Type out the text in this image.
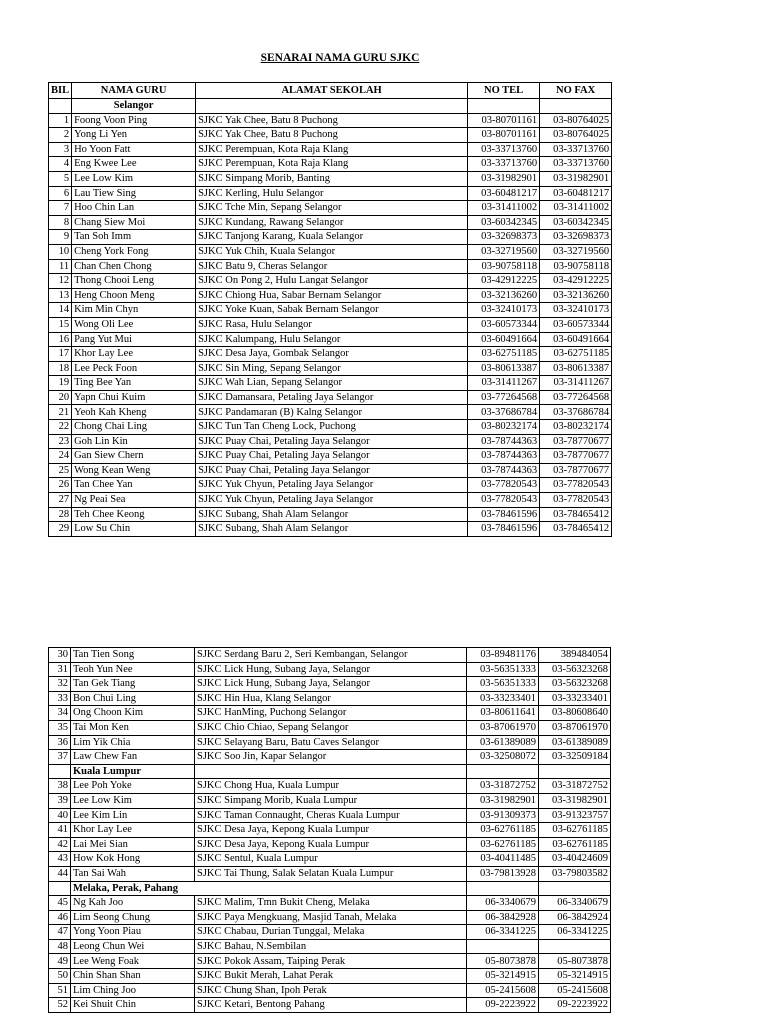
SENARAI NAMA GURU SJKC
BIL	NAMA GURU	ALAMAT SEKOLAH	NO TEL	NO FAX
	Selangor			
1	Foong Voon Ping	SJKC Yak Chee, Batu 8 Puchong	03-80701161	03-80764025
2	Yong Li Yen	SJKC Yak Chee, Batu 8 Puchong	03-80701161	03-80764025
3	Ho Yoon Fatt	SJKC Perempuan, Kota Raja Klang	03-33713760	03-33713760
4	Eng Kwee Lee	SJKC Perempuan, Kota Raja Klang	03-33713760	03-33713760
5	Lee Low Kim	SJKC Simpang Morib, Banting	03-31982901	03-31982901
6	Lau Tiew Sing	SJKC Kerling, Hulu Selangor	03-60481217	03-60481217
7	Hoo Chin Lan	SJKC Tche Min, Sepang Selangor	03-31411002	03-31411002
8	Chang Siew Moi	SJKC Kundang, Rawang Selangor	03-60342345	03-60342345
9	Tan Soh Imm	SJKC Tanjong Karang, Kuala Selangor	03-32698373	03-32698373
10	Cheng York Fong	SJKC Yuk Chih, Kuala Selangor	03-32719560	03-32719560
11	Chan Chen Chong	SJKC Batu 9, Cheras Selangor	03-90758118	03-90758118
12	Thong Chooi Leng	SJKC On Pong 2, Hulu Langat Selangor	03-42912225	03-42912225
13	Heng Choon Meng	SJKC Chiong Hua, Sabar Bernam Selangor	03-32136260	03-32136260
14	Kim Min Chyn	SJKC Yoke Kuan, Sabak Bernam Selangor	03-32410173	03-32410173
15	Wong Oli Lee	SJKC Rasa, Hulu Selangor	03-60573344	03-60573344
16	Pang Yut Mui	SJKC Kalumpang, Hulu Selangor	03-60491664	03-60491664
17	Khor Lay Lee	SJKC Desa Jaya, Gombak Selangor	03-62751185	03-62751185
18	Lee Peck Foon	SJKC Sin Ming, Sepang Selangor	03-80613387	03-80613387
19	Ting Bee Yan	SJKC Wah Lian, Sepang Selangor	03-31411267	03-31411267
20	Yapn Chui Kuim	SJKC Damansara, Petaling Jaya Selangor	03-77264568	03-77264568
21	Yeoh Kah Kheng	SJKC Pandamaran (B) Kalng Selangor	03-37686784	03-37686784
22	Chong Chai Ling	SJKC Tun Tan Cheng Lock, Puchong	03-80232174	03-80232174
23	Goh Lin Kin	SJKC Puay Chai, Petaling Jaya Selangor	03-78744363	03-78770677
24	Gan Siew Chern	SJKC Puay Chai, Petaling Jaya Selangor	03-78744363	03-78770677
25	Wong Kean Weng	SJKC Puay Chai, Petaling Jaya Selangor	03-78744363	03-78770677
26	Tan Chee Yan	SJKC Yuk Chyun, Petaling Jaya Selangor	03-77820543	03-77820543
27	Ng Peai Sea	SJKC Yuk Chyun, Petaling Jaya Selangor	03-77820543	03-77820543
28	Teh Chee Keong	SJKC Subang, Shah Alam Selangor	03-78461596	03-78465412
29	Low Su Chin	SJKC Subang, Shah Alam Selangor	03-78461596	03-78465412
30	Tan Tien Song	SJKC Serdang Baru 2, Seri Kembangan, Selangor	03-89481176	389484054
31	Teoh Yun Nee	SJKC Lick Hung, Subang Jaya, Selangor	03-56351333	03-56323268
32	Tan Gek Tiang	SJKC Lick Hung, Subang Jaya, Selangor	03-56351333	03-56323268
33	Bon Chui Ling	SJKC Hin Hua, Klang Selangor	03-33233401	03-33233401
34	Ong Choon Kim	SJKC HanMing, Puchong Selangor	03-80611641	03-80608640
35	Tai Mon Ken	SJKC Chio Chiao, Sepang Selangor	03-87061970	03-87061970
36	Lim Yik Chia	SJKC Selayang Baru, Batu Caves Selangor	03-61389089	03-61389089
37	Law Chew Fan	SJKC Soo Jin, Kapar Selangor	03-32508072	03-32509184
	Kuala Lumpur			
38	Lee Poh Yoke	SJKC Chong Hua, Kuala Lumpur	03-31872752	03-31872752
39	Lee Low Kim	SJKC Simpang Morib, Kuala Lumpur	03-31982901	03-31982901
40	Lee Kim Lin	SJKC Taman Connaught, Cheras Kuala Lumpur	03-91309373	03-91323757
41	Khor Lay Lee	SJKC Desa Jaya, Kepong Kuala Lumpur	03-62761185	03-62761185
42	Lai Mei Sian	SJKC Desa Jaya, Kepong Kuala Lumpur	03-62761185	03-62761185
43	How Kok Hong	SJKC Sentul, Kuala Lumpur	03-40411485	03-40424609
44	Tan Sai Wah	SJKC Tai Thung, Salak Selatan Kuala Lumpur	03-79813928	03-79803582
	Melaka, Perak, Pahang			
45	Ng Kah Joo	SJKC Malim, Tmn Bukit Cheng, Melaka	06-3340679	06-3340679
46	Lim Seong Chung	SJKC Paya Mengkuang, Masjid Tanah, Melaka	06-3842928	06-3842924
47	Yong Yoon Piau	SJKC Chabau, Durian Tunggal, Melaka	06-3341225	06-3341225
48	Leong Chun Wei	SJKC Bahau, N.Sembilan		
49	Lee Weng Foak	SJKC Pokok Assam, Taiping Perak	05-8073878	05-8073878
50	Chin Shan Shan	SJKC Bukit Merah, Lahat Perak	05-3214915	05-3214915
51	Lim Ching Joo	SJKC Chung Shan, Ipoh Perak	05-2415608	05-2415608
52	Kei Shuit Chin	SJKC Ketari, Bentong Pahang	09-2223922	09-2223922
